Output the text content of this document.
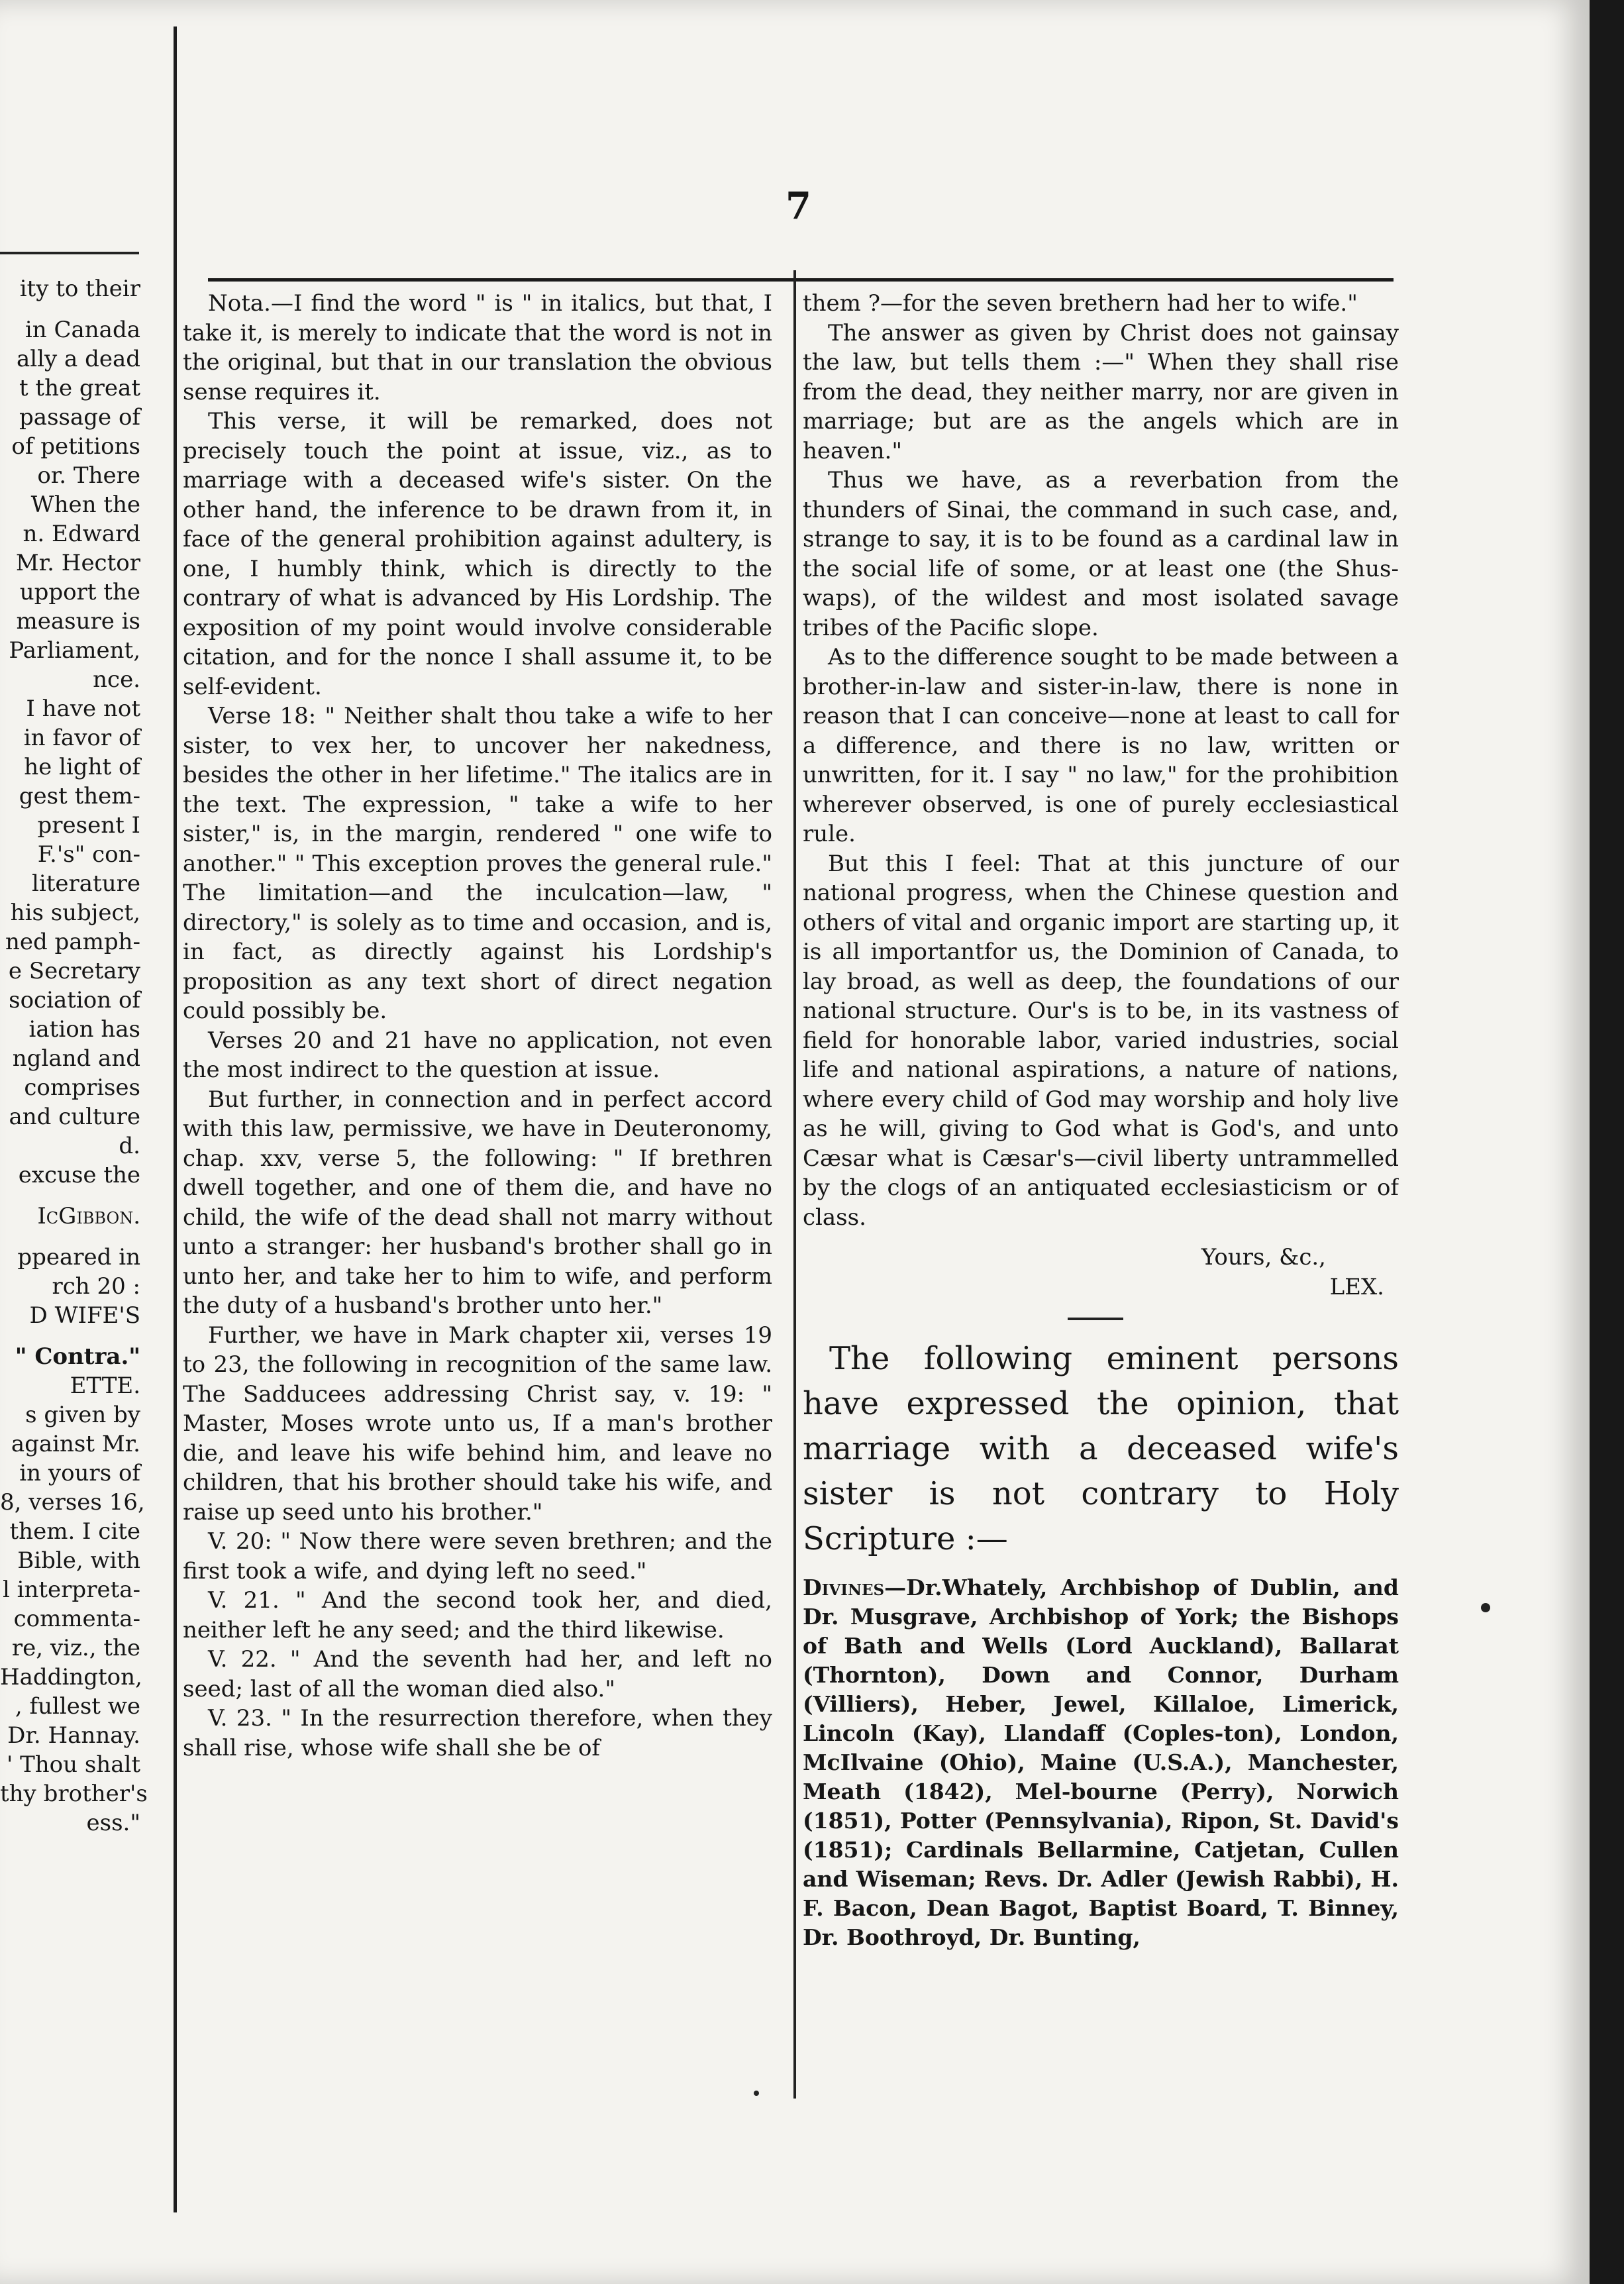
ity to their

in Canada

ally a dead

t the great

passage of

of petitions

or. There

When the

n. Edward

Mr. Hector

upport the

measure is

Parliament,

nce.

I have not

in favor of

he light of

gest them-

present I

F.'s" con-

literature

his subject,

ned pamph-

e Secretary

sociation of

iation has

ngland and

comprises

and culture

d.

excuse the

IcGibbon.

ppeared in

rch 20 :

D WIFE'S

" Contra."

ETTE.

s given by

against Mr.

in yours of

8, verses 16,

them. I cite

Bible, with

l interpreta-

commenta-

re, viz., the

Haddington,

, fullest we

Dr. Hannay.

' Thou shalt

thy brother's

ess."

7

Nota.—I find the word " is " in italics, but that, I take it, is merely to indicate that the word is not in the original, but that in our translation the obvious sense requires it.

This verse, it will be remarked, does not precisely touch the point at issue, viz., as to marriage with a deceased wife's sister. On the other hand, the inference to be drawn from it, in face of the general prohibition against adultery, is one, I humbly think, which is directly to the contrary of what is advanced by His Lordship. The exposition of my point would involve considerable citation, and for the nonce I shall assume it, to be self-evident.

Verse 18: " Neither shalt thou take a wife to her sister, to vex her, to uncover her nakedness, besides the other in her lifetime." The italics are in the text. The expression, " take a wife to her sister," is, in the margin, rendered " one wife to another." " This exception proves the general rule." The limitation—and the inculcation—law, " directory," is solely as to time and occasion, and is, in fact, as directly against his Lordship's proposition as any text short of direct negation could possibly be.

Verses 20 and 21 have no application, not even the most indirect to the question at issue.

But further, in connection and in perfect accord with this law, permissive, we have in Deuteronomy, chap. xxv, verse 5, the following: " If brethren dwell together, and one of them die, and have no child, the wife of the dead shall not marry without unto a stranger: her husband's brother shall go in unto her, and take her to him to wife, and perform the duty of a husband's brother unto her."

Further, we have in Mark chapter xii, verses 19 to 23, the following in recognition of the same law. The Sadducees addressing Christ say, v. 19: " Master, Moses wrote unto us, If a man's brother die, and leave his wife behind him, and leave no children, that his brother should take his wife, and raise up seed unto his brother."

V. 20: " Now there were seven brethren; and the first took a wife, and dying left no seed."

V. 21. " And the second took her, and died, neither left he any seed; and the third likewise.

V. 22. " And the seventh had her, and left no seed; last of all the woman died also."

V. 23. " In the resurrection therefore, when they shall rise, whose wife shall she be of

them ?—for the seven brethern had her to wife."

The answer as given by Christ does not gainsay the law, but tells them :—" When they shall rise from the dead, they neither marry, nor are given in marriage; but are as the angels which are in heaven."

Thus we have, as a reverbation from the thunders of Sinai, the command in such case, and, strange to say, it is to be found as a cardinal law in the social life of some, or at least one (the Shus-waps), of the wildest and most isolated savage tribes of the Pacific slope.

As to the difference sought to be made between a brother-in-law and sister-in-law, there is none in reason that I can conceive—none at least to call for a difference, and there is no law, written or unwritten, for it. I say " no law," for the prohibition wherever observed, is one of purely ecclesiastical rule.

But this I feel: That at this juncture of our national progress, when the Chinese question and others of vital and organic import are starting up, it is all importantfor us, the Dominion of Canada, to lay broad, as well as deep, the foundations of our national structure. Our's is to be, in its vastness of field for honorable labor, varied industries, social life and national aspirations, a nature of nations, where every child of God may worship and holy live as he will, giving to God what is God's, and unto Cæsar what is Cæsar's—civil liberty untrammelled by the clogs of an antiquated ecclesiasticism or of class.

Yours, &c.,

LEX.

The following eminent persons have expressed the opinion, that marriage with a deceased wife's sister is not contrary to Holy Scripture :—

Divines—Dr.Whately, Archbishop of Dublin, and Dr. Musgrave, Archbishop of York; the Bishops of Bath and Wells (Lord Auckland), Ballarat (Thornton), Down and Connor, Durham (Villiers), Heber, Jewel, Killaloe, Limerick, Lincoln (Kay), Llandaff (Coples-ton), London, McIlvaine (Ohio), Maine (U.S.A.), Manchester, Meath (1842), Mel-bourne (Perry), Norwich (1851), Potter (Pennsylvania), Ripon, St. David's (1851); Cardinals Bellarmine, Catjetan, Cullen and Wiseman; Revs. Dr. Adler (Jewish Rabbi), H. F. Bacon, Dean Bagot, Baptist Board, T. Binney, Dr. Boothroyd, Dr. Bunting,
